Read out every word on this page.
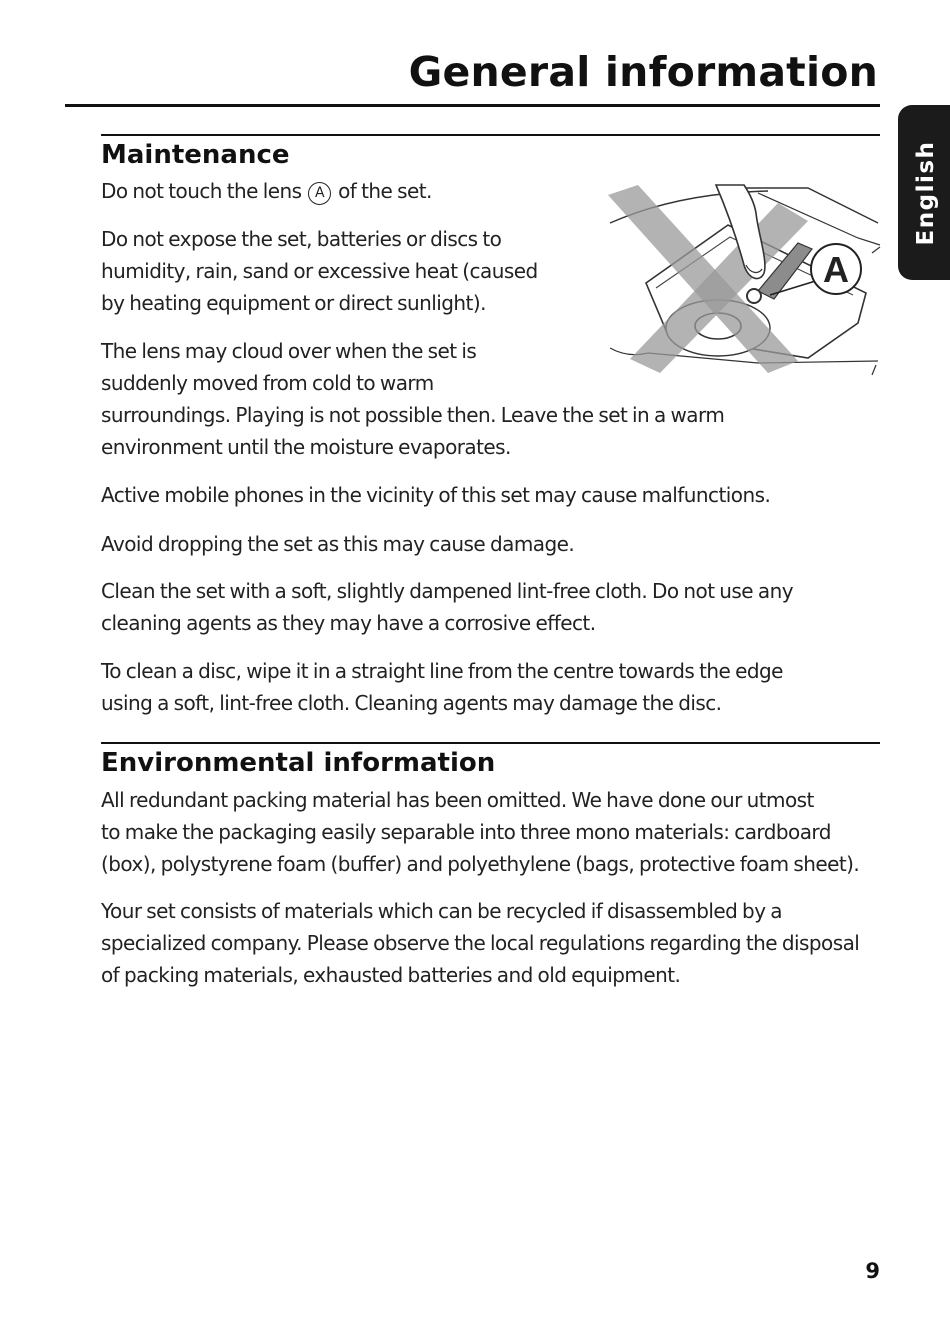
General information
English
Maintenance

Do not touch the lens A of the set.

Do not expose the set, batteries or discs to
humidity, rain, sand or excessive heat (caused
by heating equipment or direct sunlight).

The lens may cloud over when the set is
suddenly moved from cold to warm
surroundings. Playing is not possible then. Leave the set in a warm
environment until the moisture evaporates.

Active mobile phones in the vicinity of this set may cause malfunctions.

Avoid dropping the set as this may cause damage.

Clean the set with a soft, slightly dampened lint-free cloth. Do not use any
cleaning agents as they may have a corrosive effect.

To clean a disc, wipe it in a straight line from the centre towards the edge
using a soft, lint-free cloth. Cleaning agents may damage the disc.

A
Environmental information

All redundant packing material has been omitted. We have done our utmost
to make the packaging easily separable into three mono materials: cardboard
(box), polystyrene foam (buffer) and polyethylene (bags, protective foam sheet).

Your set consists of materials which can be recycled if disassembled by a
specialized company. Please observe the local regulations regarding the disposal
of packing materials, exhausted batteries and old equipment.

9
